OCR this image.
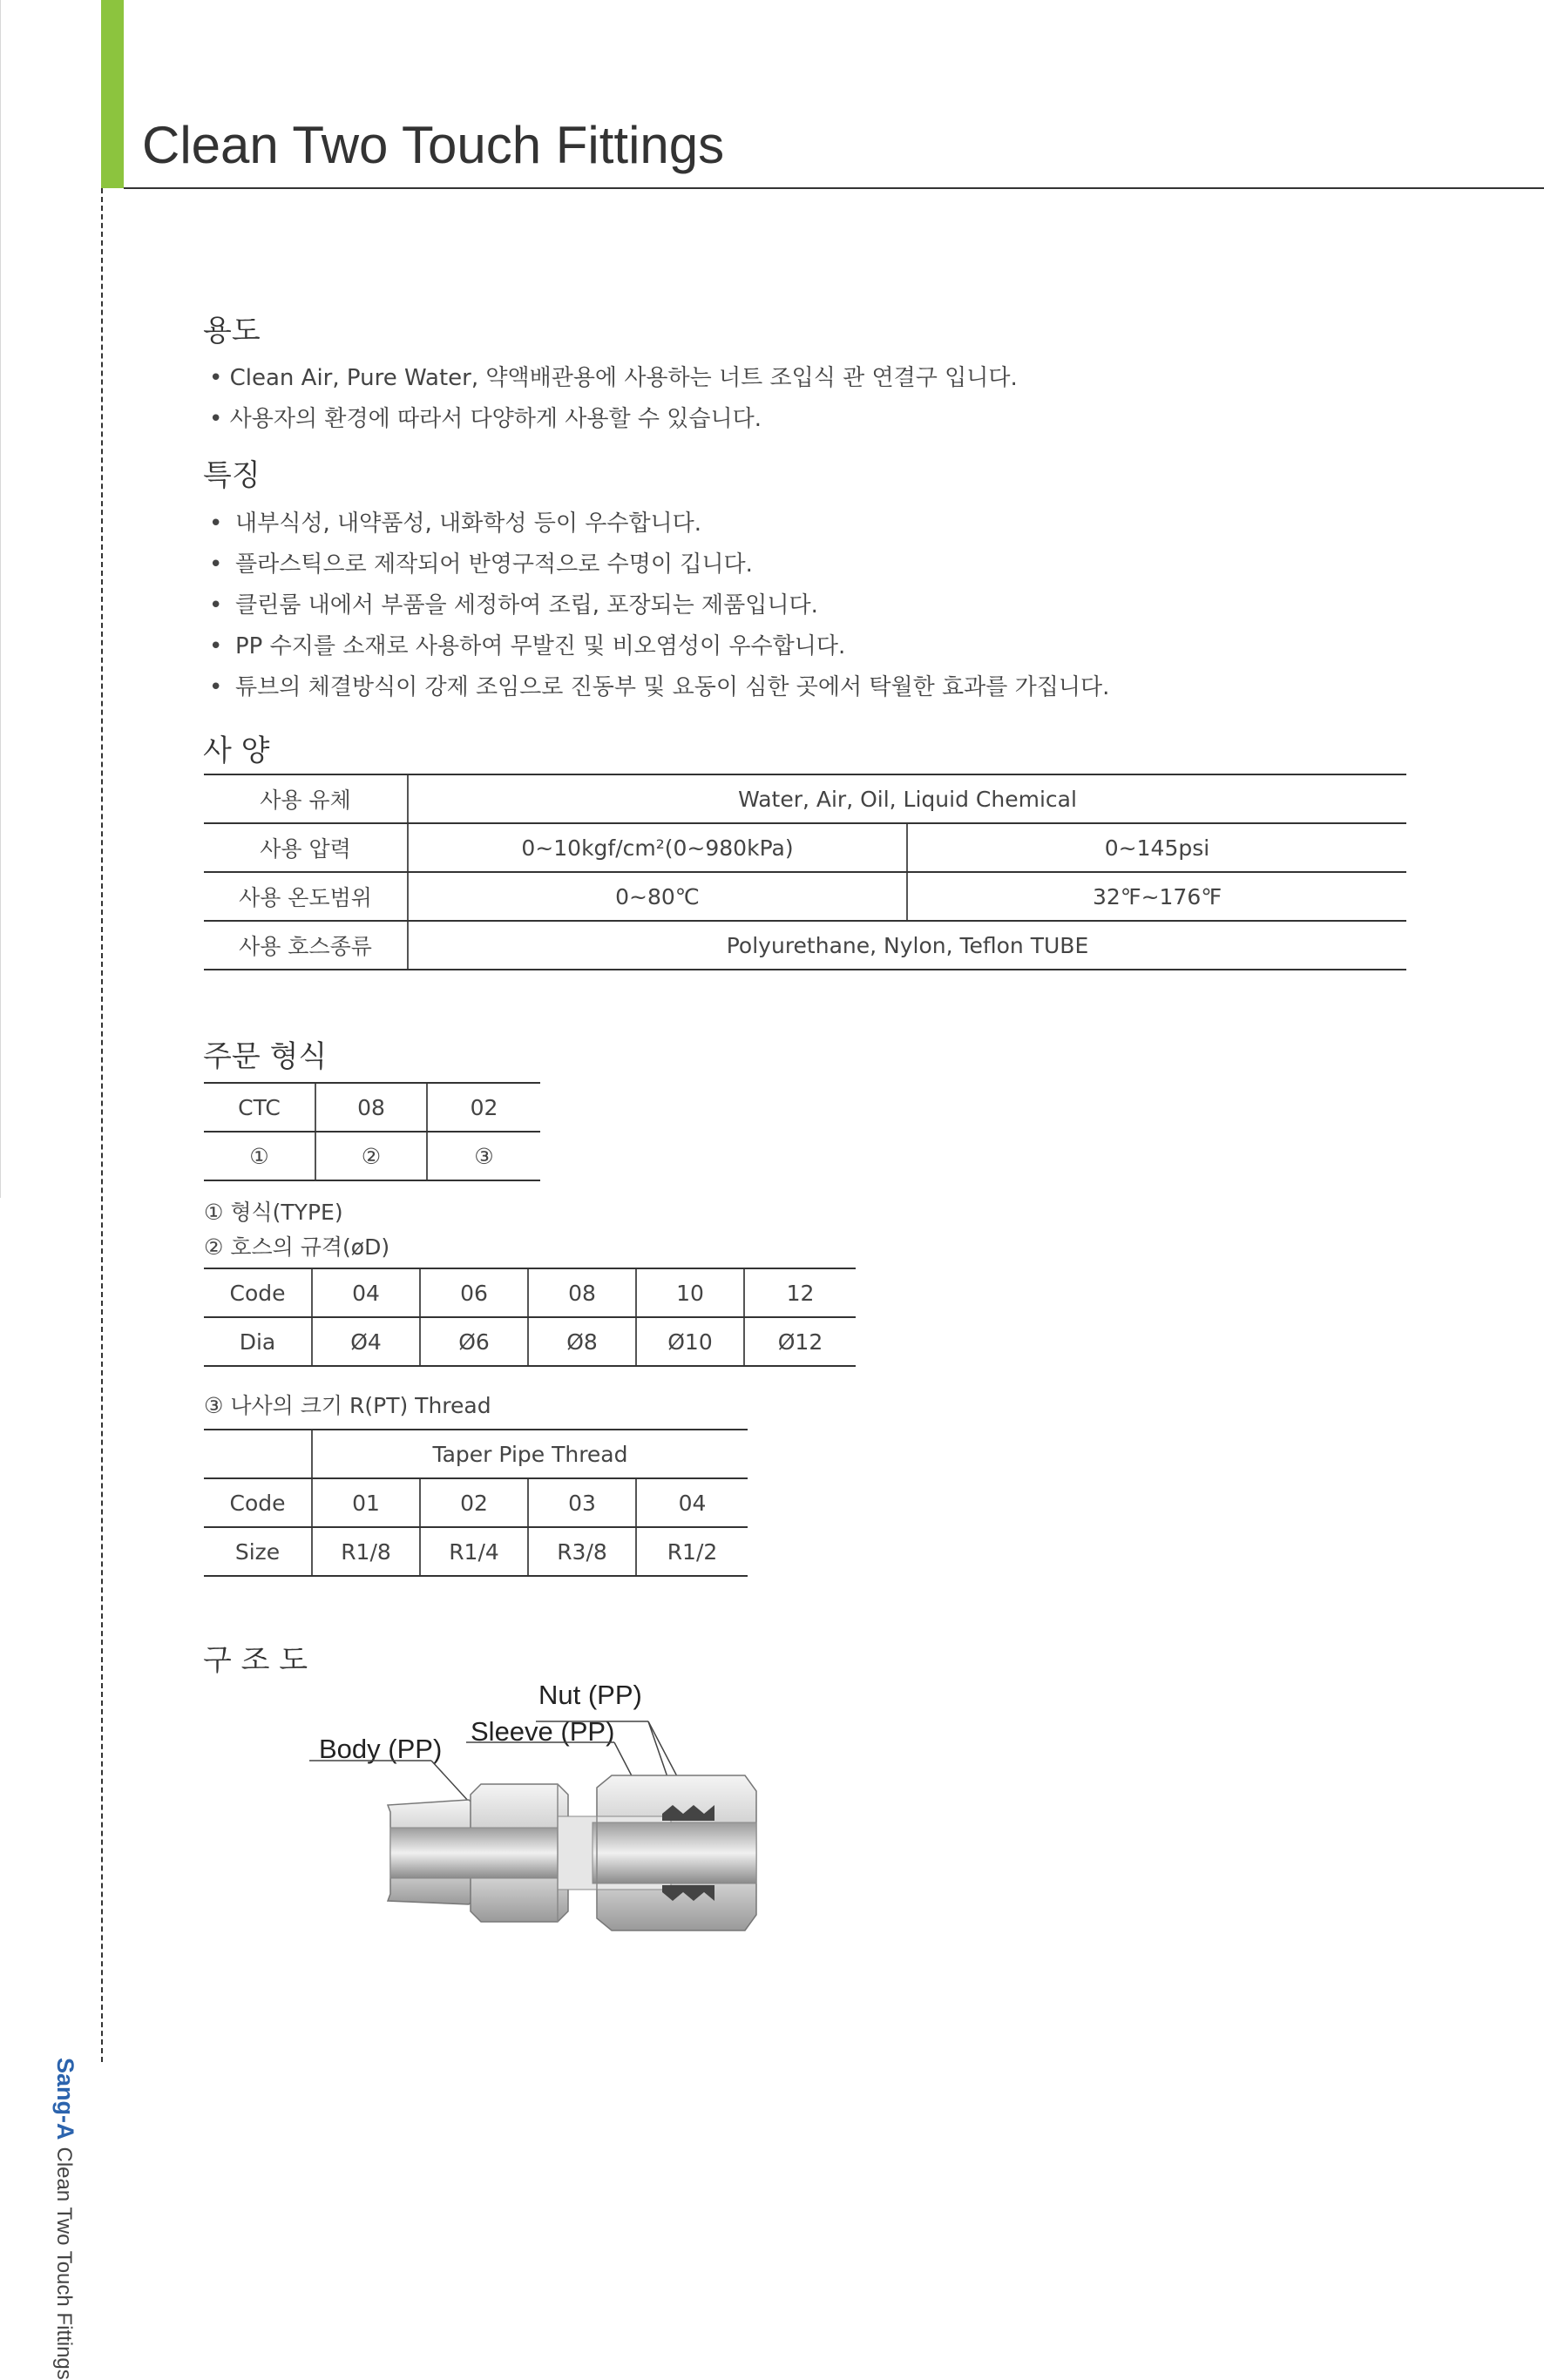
Sang-AClean Two Touch Fittings
Clean Two Touch Fittings
용도
• Clean Air, Pure Water, 약액배관용에 사용하는 너트 조입식 관 연결구 입니다.
• 사용자의 환경에 따라서 다양하게 사용할 수 있습니다.
특징
• 내부식성, 내약품성, 내화학성 등이 우수합니다.
• 플라스틱으로 제작되어 반영구적으로 수명이 깁니다.
• 클린룸 내에서 부품을 세정하여 조립, 포장되는 제품입니다.
• PP 수지를 소재로 사용하여 무발진 및 비오염성이 우수합니다.
• 튜브의 체결방식이 강제 조임으로 진동부 및 요동이 심한 곳에서 탁월한 효과를 가집니다.
사 양
사용 유체	Water, Air, Oil, Liquid Chemical	
사용 압력	0~10kgf/cm²(0~980kPa)	0~145psi
사용 온도범위	0~80℃	32℉~176℉
사용 호스종류	Polyurethane, Nylon, Teflon TUBE	
주문 형식
CTC	08	02
①	②	③
① 형식(TYPE)
② 호스의 규격(øD)
Code	04	06	08	10	12
Dia	Ø4	Ø6	Ø8	Ø10	Ø12
③ 나사의 크기 R(PT) Thread
	Taper Pipe Thread			
Code	01	02	03	04
Size	R1/8	R1/4	R3/8	R1/2
구 조 도
Nut (PP)
Sleeve (PP)
Body (PP)
